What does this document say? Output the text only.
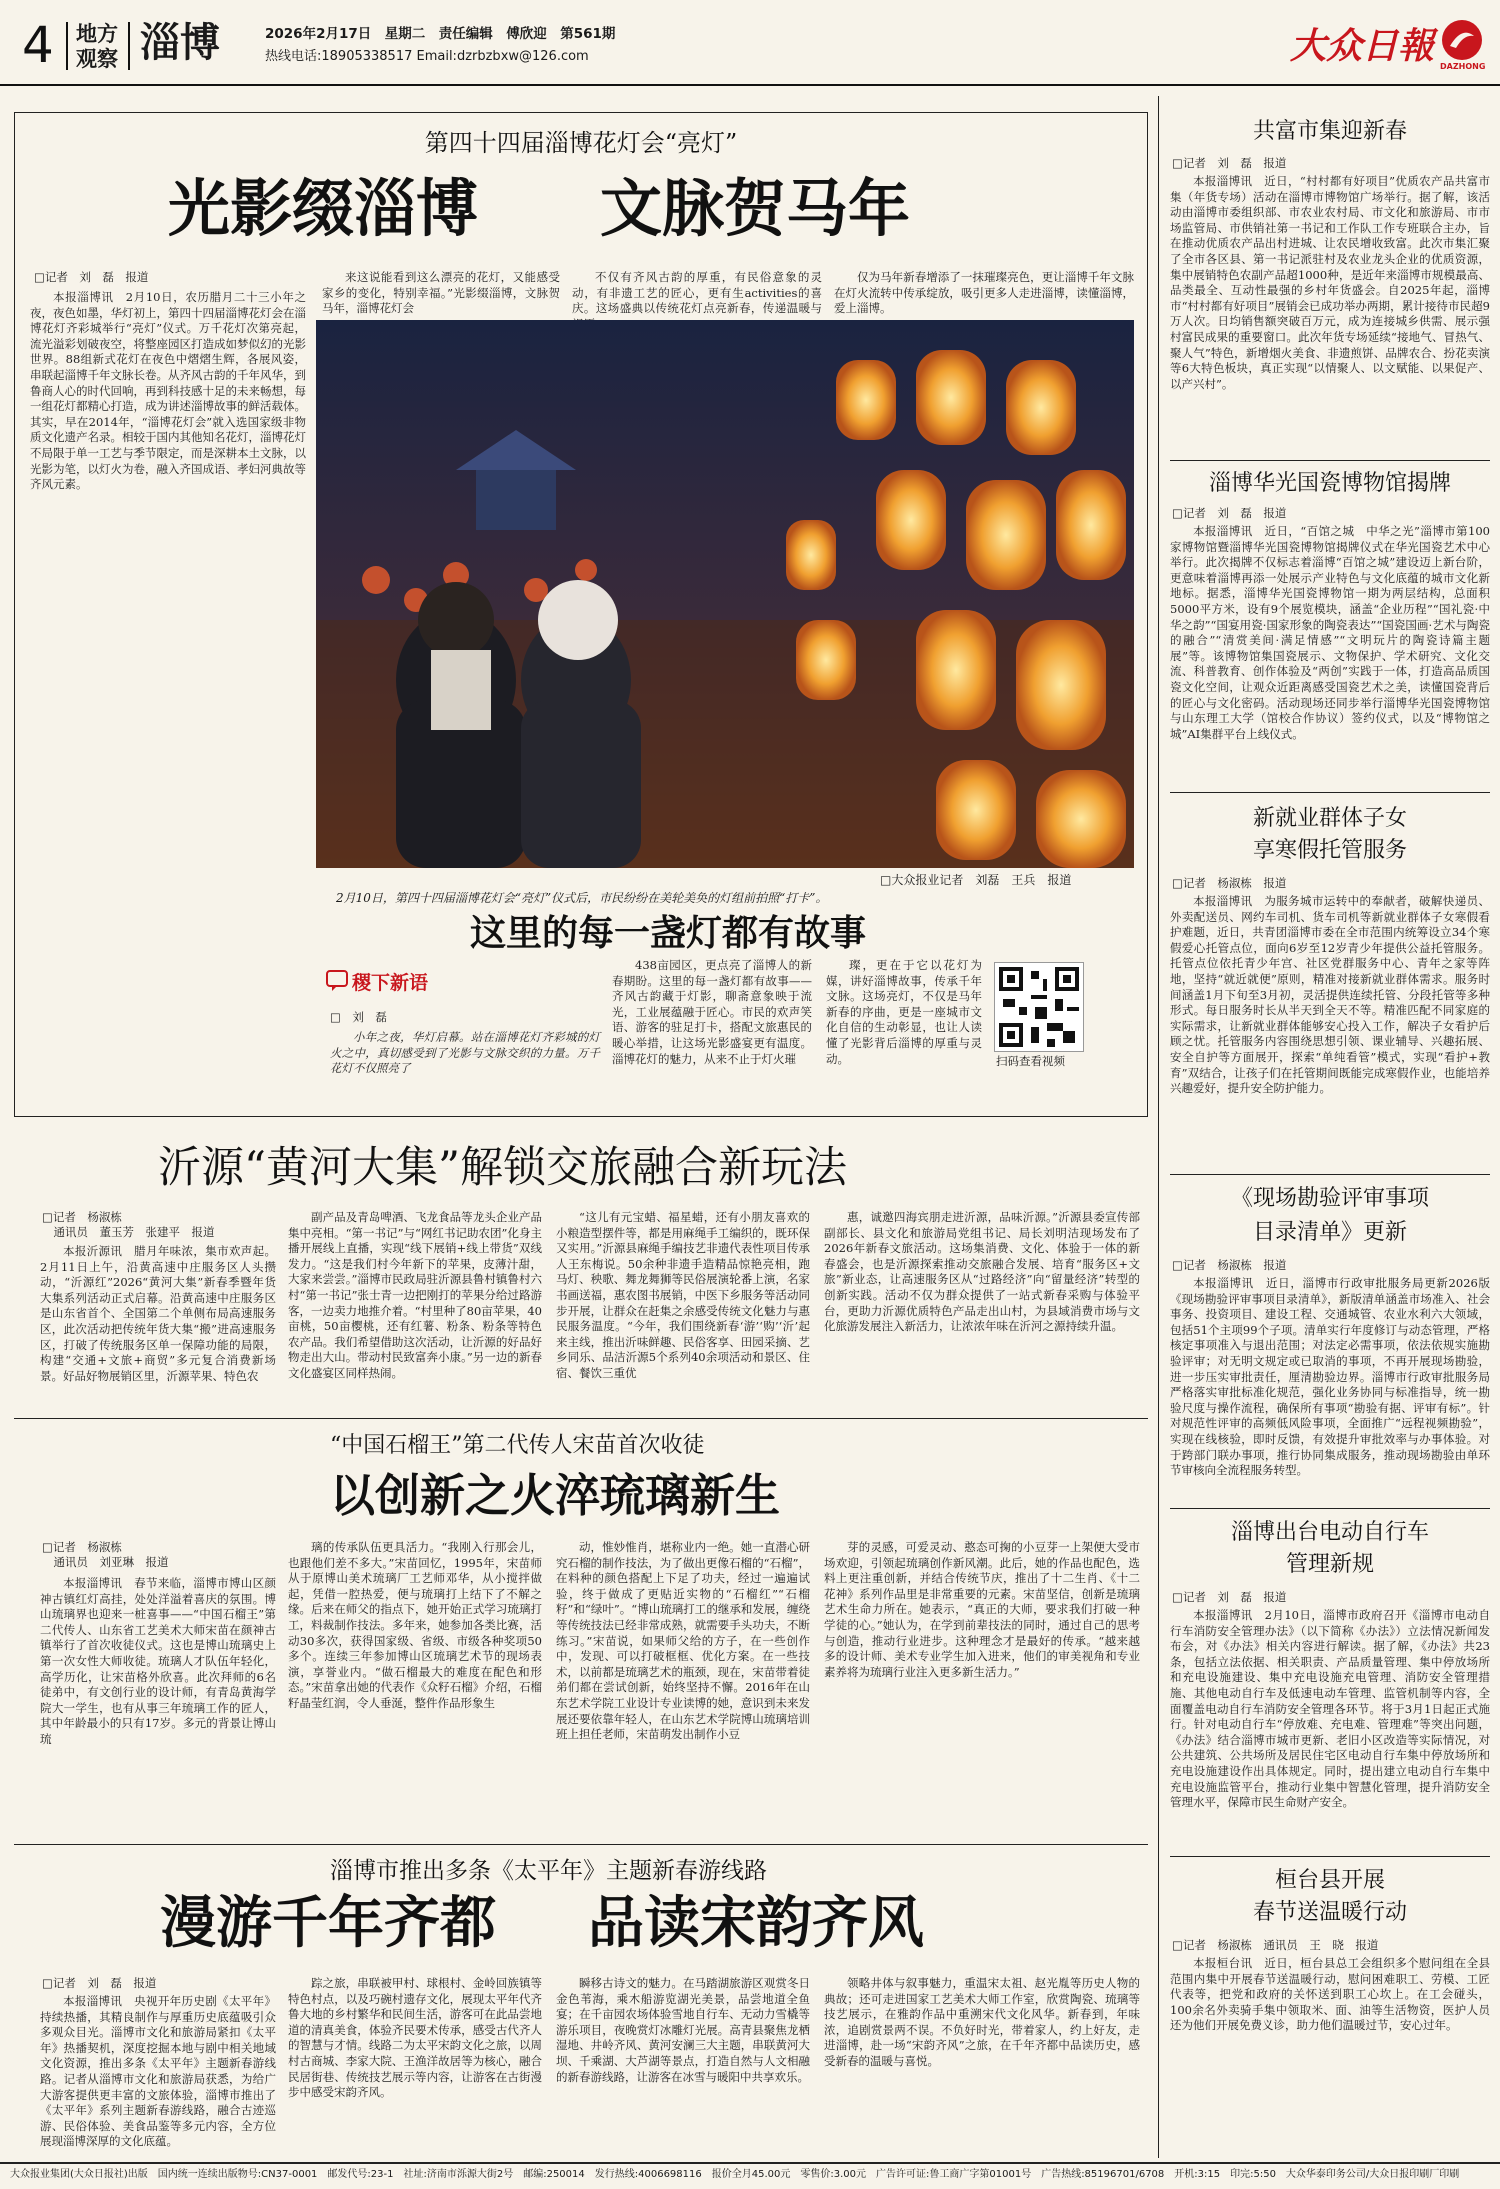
4 地方
观察 淄博	2026年2月17日　星期二　责任编辑　傅欣迎　第561期
热线电话:18905338517 Email:dzrbzbxw@126.com	大众日報 DAZHONG
第四十四届淄博花灯会“亮灯”
光影缀淄博 文脉贺马年
□记者　刘　磊　报道

本报淄博讯　2月10日，农历腊月二十三小年之夜，夜色如墨，华灯初上，第四十四届淄博花灯会在淄博花灯齐彩城举行“亮灯”仪式。万千花灯次第亮起，流光溢彩划破夜空，将整座园区打造成如梦似幻的光影世界。88组新式花灯在夜色中熠熠生辉，各展风姿，串联起淄博千年文脉长卷。从齐风古韵的千年风华，到鲁商人心的时代回响，再到科技感十足的未来畅想，每一组花灯都精心打造，成为讲述淄博故事的鲜活载体。其实，早在2014年，“淄博花灯会”就入选国家级非物质文化遗产名录。相较于国内其他知名花灯，淄博花灯不局限于单一工艺与季节限定，而是深耕本土文脉，以光影为笔，以灯火为卷，融入齐国成语、孝妇河典故等齐风元素。

来这说能看到这么漂亮的花灯，又能感受家乡的变化，特别幸福。”光影缀淄博，文脉贺马年，淄博花灯会

不仅有齐风古韵的厚重，有民俗意象的灵动，有非遗工艺的匠心，更有生activities的喜庆。这场盛典以传统花灯点亮新春，传递温暖与

仅为马年新春增添了一抹璀璨亮色，更让淄博千年文脉在灯火流转中传承绽放，吸引更多人走进淄博，读懂淄博，爱上淄博。

□大众报业记者　刘磊　王兵　报道
2月10日，第四十四届淄博花灯会“亮灯”仪式后，市民纷纷在美轮美奂的灯组前拍照“打卡”。
这里的每一盏灯都有故事
稷下新语
□　刘　磊

小年之夜，华灯启幕。站在淄博花灯齐彩城的灯火之中，真切感受到了光影与文脉交织的力量。万千花灯不仅照亮了

438亩园区，更点亮了淄博人的新春期盼。这里的每一盏灯都有故事——齐风古韵藏于灯影，聊斋意象映于流光，工业展蕴融于匠心。市民的欢声笑语、游客的驻足打卡，搭配文旅惠民的暖心举措，让这场光影盛宴更有温度。淄博花灯的魅力，从来不止于灯火璀

璨，更在于它以花灯为媒，讲好淄博故事，传承千年文脉。这场亮灯，不仅是马年新春的序曲，更是一座城市文化自信的生动彰显，也让人读懂了光影背后淄博的厚重与灵动。	扫码查看视频
沂源“黄河大集”解锁交旅融合新玩法
□记者　杨淑栋
　通讯员　董玉芳　张建平　报道

本报沂源讯　腊月年味浓，集市欢声起。2月11日上午，沿黄高速中庄服务区人头攒动，“沂源红”2026“黄河大集”新春季暨年货大集系列活动正式启幕。沿黄高速中庄服务区是山东省首个、全国第二个单侧布局高速服务区，此次活动把传统年货大集“搬”进高速服务区，打破了传统服务区单一保障功能的局限，构建“交通+文旅+商贸”多元复合消费新场景。好品好物展销区里，沂源苹果、特色农

副产品及青岛啤酒、飞龙食品等龙头企业产品集中亮相。“第一书记”与“网红书记助农团”化身主播开展线上直播，实现“线下展销+线上带货”双线发力。“这是我们村今年新下的苹果，皮薄汁甜，大家来尝尝。”淄博市民政局驻沂源县鲁村镇鲁村六村“第一书记”张士青一边把刚打的苹果分给过路游客，一边卖力地推介着。“村里种了80亩苹果，40亩桃，50亩樱桃，还有红薯、粉条、粉条等特色农产品。我们希望借助这次活动，让沂源的好品好物走出大山。带动村民致富奔小康。”另一边的新春文化盛宴区同样热闹。

“这儿有元宝蜡、福星蜡，还有小朋友喜欢的小粮造型摆件等，都是用麻绳手工编织的，既环保又实用。”沂源县麻绳手编技艺非遗代表性项目传承人王东梅说。50余种非遗手造精品惊艳亮相，跑马灯、秧歌、舞龙舞狮等民俗展演轮番上演，名家书画送福，惠农图书展销，中医下乡服务等活动同步开展，让群众在赶集之余感受传统文化魅力与惠民服务温度。“今年，我们围绕新春‘游’‘购’‘沂’起来主线，推出沂味鲜趣、民俗客享、田园采摘、艺乡同乐、品洁沂源5个系列40余项活动和景区、住宿、餐饮三重优

惠，诚邀四海宾朋走进沂源，品味沂源。”沂源县委宣传部副部长、县文化和旅游局党组书记、局长刘明洁现场发布了2026年新春文旅活动。这场集消费、文化、体验于一体的新春盛会，也是沂源探索推动交旅融合发展、培育“服务区+文旅”新业态，让高速服务区从“过路经济”向“留量经济”转型的创新实践。活动不仅为群众提供了一站式新春采购与体验平台，更助力沂源优质特色产品走出山村，为县域消费市场与文化旅游发展注入新活力，让浓浓年味在沂河之源持续升温。

“中国石榴王”第二代传人宋苗首次收徒
以创新之火淬琉璃新生
□记者　杨淑栋
　通讯员　刘亚琳　报道

本报淄博讯　春节来临，淄博市博山区颜神古镇红灯高挂，处处洋溢着喜庆的氛围。博山琉璃界也迎来一桩喜事——“中国石榴王”第二代传人、山东省工艺美术大师宋苗在颜神古镇举行了首次收徒仪式。这也是博山琉璃史上第一次女性大师收徒。琉璃人才队伍年轻化，高学历化，让宋苗格外欣喜。此次拜师的6名徒弟中，有文创行业的设计师，有青岛黄海学院大一学生，也有从事三年琉璃工作的匠人，其中年龄最小的只有17岁。多元的背景让博山琉

璃的传承队伍更具活力。“我刚入行那会儿，也跟他们差不多大。”宋苗回忆，1995年，宋苗师从于原博山美术琉璃厂工艺师邓华，从小搅拌做起，凭借一腔热爱，便与琉璃打上结下了不解之缘。后来在师父的指点下，她开始正式学习琉璃打工，料裁制作技法。多年来，她参加各类比赛，活动30多次，获得国家级、省级、市级各种奖项50多个。连续三年参加博山区琉璃艺术节的现场表演，享誉业内。“做石榴最大的难度在配色和形态。”宋苗拿出她的代表作《众籽石榴》介绍，石榴籽晶莹红润，令人垂涎，整件作品形象生

动，惟妙惟肖，堪称业内一绝。她一直潜心研究石榴的制作技法，为了做出更像石榴的“石榴”，在料种的颜色搭配上下足了功夫，经过一遍遍试验，终于做成了更贴近实物的“石榴红”“石榴籽”和“绿叶”。“博山琉璃打工的继承和发展，缠绕等传统技法已经非常成熟，就需要手头功夫，不断练习。”宋苗说，如果师父给的方子，在一些创作中，发现、可以打破框框、优化方案。在一些技术，以前都是琉璃艺术的瓶颈，现在，宋苗带着徒弟们都在尝试创新，始终坚持不懈。2016年在山东艺术学院工业设计专业读博的她，意识到未来发展还要依靠年轻人，在山东艺术学院博山琉璃培训班上担任老师，宋苗萌发出制作小豆

芽的灵感，可爱灵动、憨态可掬的小豆芽一上架便大受市场欢迎，引领起琉璃创作新风潮。此后，她的作品也配色，选料上更注重创新，并结合传统节庆，推出了十二生肖、《十二花神》系列作品里是非常重要的元素。宋苗坚信，创新是琉璃艺术生命力所在。她表示，“真正的大师，要求我们打破一种学徒的心。”她认为，在学到前辈技法的同时，通过自己的思考与创造，推动行业进步。这种理念才是最好的传承。“越来越多的设计师、美术专业学生加入进来，他们的审美视角和专业素养将为琉璃行业注入更多新生活力。”

淄博市推出多条《太平年》主题新春游线路
漫游千年齐都 品读宋韵齐风
□记者　刘　磊　报道

本报淄博讯　央视开年历史剧《太平年》持续热播，其精良制作与厚重历史底蕴吸引众多观众目光。淄博市文化和旅游局紧扣《太平年》热播契机，深度挖掘本地与剧中相关地域文化资源，推出多条《太平年》主题新春游线路。记者从淄博市文化和旅游局获悉，为给广大游客提供更丰富的文旅体验，淄博市推出了《太平年》系列主题新春游线路，融合古迹巡游、民俗体验、美食品鉴等多元内容，全方位展现淄博深厚的文化底蕴。

踪之旅，串联被甲村、球根村、金岭回族镇等特色村点，以及巧碗村遗存文化，展现太平年代齐鲁大地的乡村繁华和民间生活，游客可在此品尝地道的清真美食，体验齐民要术传承，感受古代齐人的智慧与才情。线路二为太平宋韵文化之旅，以周村古商城、李家大院、王渔洋故居等为核心，融合民居街巷、传统技艺展示等内容，让游客在古街漫步中感受宋韵齐风。

瞬移古诗文的魅力。在马踏湖旅游区观赏冬日金色苇海，乘木船游览湖光美景，品尝地道全鱼宴；在千亩园农场体验雪地自行车、无动力雪橇等游乐项目，夜晚赏灯冰雕灯光展。高青县聚焦龙栖湿地、井岭齐风、黄河安澜三大主题，串联黄河大坝、千乘湖、大芦湖等景点，打造自然与人文相融的新春游线路，让游客在冰雪与暖阳中共享欢乐。

领略井体与叙事魅力，重温宋太祖、赵光胤等历史人物的典故；还可走进国家工艺美术大师工作室，欣赏陶瓷、琉璃等技艺展示，在雅韵作品中重溯宋代文化风华。新春到，年味浓，追剧赏景两不误。不负好时光，带着家人，约上好友，走进淄博，赴一场“宋韵齐风”之旅，在千年齐都中品读历史，感受新春的温暖与喜悦。

共富市集迎新春
□记者　刘　磊　报道

本报淄博讯　近日，“村村都有好项目”优质农产品共富市集（年货专场）活动在淄博市博物馆广场举行。据了解，该活动由淄博市委组织部、市农业农村局、市文化和旅游局、市市场监管局、市供销社第一书记和工作队工作专班联合主办，旨在推动优质农产品出村进城、让农民增收致富。此次市集汇聚了全市各区县、第一书记派驻村及农业龙头企业的优质资源，集中展销特色农副产品超1000种，是近年来淄博市规模最高、品类最全、互动性最强的乡村年货盛会。自2025年起，淄博市“村村都有好项目”展销会已成功举办两期，累计接待市民超9万人次。日均销售额突破百万元，成为连接城乡供需、展示强村富民成果的重要窗口。此次年货专场延续“接地气、冒热气、聚人气”特色，新增烟火美食、非遗煎饼、品牌农合、扮花卖演等6大特色板块，真正实现“以情聚人、以文赋能、以果促产、以产兴村”。

淄博华光国瓷博物馆揭牌
□记者　刘　磊　报道

本报淄博讯　近日，“百馆之城　中华之光”淄博市第100家博物馆暨淄博华光国瓷博物馆揭牌仪式在华光国瓷艺术中心举行。此次揭牌不仅标志着淄博“百馆之城”建设迈上新台阶，更意味着淄博再添一处展示产业特色与文化底蕴的城市文化新地标。据悉，淄博华光国瓷博物馆一期为两层结构，总面积5000平方米，设有9个展览模块，涵盖“企业历程”“国礼瓷·中华之韵”“国宴用瓷·国家形象的陶瓷表达”“国瓷国画·艺术与陶瓷的融合”“清赏美间·满足情感”“文明玩片的陶瓷诗篇主题展”等。该博物馆集国瓷展示、文物保护、学术研究、文化交流、科普教育、创作体验及“两创”实践于一体，打造高品质国瓷文化空间，让观众近距离感受国瓷艺术之美，读懂国瓷背后的匠心与文化密码。活动现场还同步举行淄博华光国瓷博物馆与山东理工大学（馆校合作协议）签约仪式，以及“博物馆之城”AI集群平台上线仪式。

新就业群体子女
享寒假托管服务
□记者　杨淑栋　报道

本报淄博讯　为服务城市运转中的奉献者，破解快递员、外卖配送员、网约车司机、货车司机等新就业群体子女寒假看护难题，近日，共青团淄博市委在全市范围内统筹设立34个寒假爱心托管点位，面向6岁至12岁青少年提供公益托管服务。托管点位依托青少年宫、社区党群服务中心、青年之家等阵地，坚持“就近就便”原则，精准对接新就业群体需求。服务时间涵盖1月下旬至3月初，灵活提供连续托管、分段托管等多种形式。每日服务时长从半天到全天不等。精准匹配不同家庭的实际需求，让新就业群体能够安心投入工作，解决子女看护后顾之忧。托管服务内容围绕思想引领、课业辅导、兴趣拓展、安全自护等方面展开，探索“单纯看管”模式，实现“看护+教育”双结合，让孩子们在托管期间既能完成寒假作业，也能培养兴趣爱好，提升安全防护能力。

《现场勘验评审事项
目录清单》更新
□记者　杨淑栋　报道

本报淄博讯　近日，淄博市行政审批服务局更新2026版《现场勘验评审事项目录清单》，新版清单涵盖市场准入、社会事务、投资项目、建设工程、交通城管、农业水利六大领域，包括51个主项99个子项。清单实行年度修订与动态管理，严格核定事项准入与退出范围；对法定必需事项，依法依规实施勘验评审；对无明文规定或已取消的事项，不再开展现场勘验，进一步压实审批责任，厘清勘验边界。淄博市行政审批服务局严格落实审批标准化规范，强化业务协同与标准指导，统一勘验尺度与操作流程，确保所有事项“勘验有据、评审有标”。针对规范性评审的高频低风险事项，全面推广“远程视频勘验”，实现在线核验，即时反馈，有效提升审批效率与办事体验。对于跨部门联办事项，推行协同集成服务，推动现场勘验由单环节审核向全流程服务转型。

淄博出台电动自行车
管理新规
□记者　刘　磊　报道

本报淄博讯　2月10日，淄博市政府召开《淄博市电动自行车消防安全管理办法》（以下简称《办法》）立法情况新闻发布会，对《办法》相关内容进行解读。据了解，《办法》共23条，包括立法依据、相关职责、产品质量管理、集中停放场所和充电设施建设、集中充电设施充电管理、消防安全管理措施、其他电动自行车及低速电动车管理、监管机制等内容，全面覆盖电动自行车消防安全管理各环节。将于3月1日起正式施行。针对电动自行车“停放难、充电难、管理难”等突出问题，《办法》结合淄博市城市更新、老旧小区改造等实际情况，对公共建筑、公共场所及居民住宅区电动自行车集中停放场所和充电设施建设作出具体规定。同时，提出建立电动自行车集中充电设施监管平台，推动行业集中智慧化管理，提升消防安全管理水平，保障市民生命财产安全。

桓台县开展
春节送温暖行动
□记者　杨淑栋　通讯员　王　晓　报道

本报桓台讯　近日，桓台县总工会组织多个慰问组在全县范围内集中开展春节送温暖行动，慰问困难职工、劳模、工匠代表等，把党和政府的关怀送到职工心坎上。在工会碰头，100余名外卖骑手集中领取米、面、油等生活物资，医护人员还为他们开展免费义诊，助力他们温暖过节，安心过年。

大众报业集团(大众日报社)出版　国内统一连续出版物号:CN37-0001　邮发代号:23-1　社址:济南市泺源大街2号　邮编:250014　发行热线:4006698116　报价全月45.00元　零售价:3.00元　广告许可证:鲁工商广字第01001号　广告热线:85196701/6708　开机:3:15　印完:5:50　大众华泰印务公司/大众日报印刷厂印刷
